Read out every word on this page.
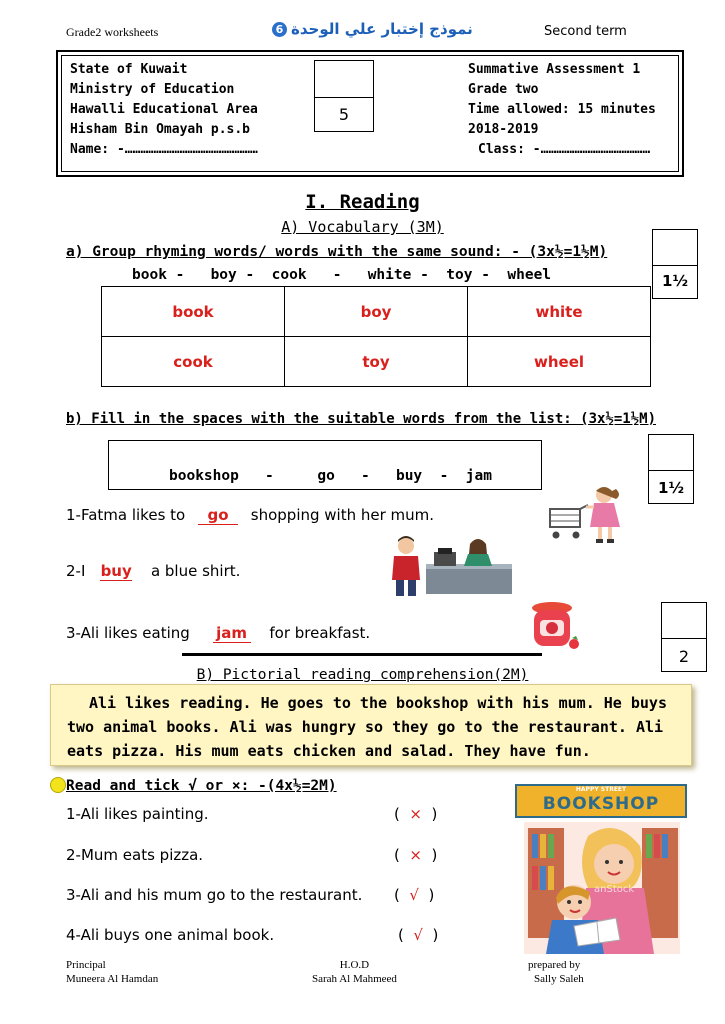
Grade2 worksheets	6 نموذج إختبار علي الوحدة	Second term
State of Kuwait
Ministry of Education
Hawalli Educational Area
Hisham Bin Omayah p.s.b
Name: -……………………………………………
5
Summative Assessment 1
Grade two
Time allowed: 15 minutes
2018-2019
Class: -……………………………………
I. Reading
A) Vocabulary (3M)
a) Group rhyming words/ words with the same sound: - (3x½=1½M)
1½
book -   boy -  cook   -   white -  toy -  wheel
book	boy	white
cook	toy	wheel
b) Fill in the spaces with the suitable words from the list: (3x½=1½M)
bookshop   -     go   -   buy  -  jam
1½
1-Fatma likes to go shopping with her mum.
2-I buy a blue shirt.
3-Ali likes eating jam for breakfast.
2
B) Pictorial reading comprehension(2M)

Ali likes reading. He goes to the bookshop with his mum. He buys two animal books. Ali was hungry so they go to the restaurant. Ali eats pizza. His mum eats chicken and salad. They have fun.

Read and tick √ or ×: -(4x½=2M)
1-Ali likes painting.	(  ×  )
2-Mum eats pizza.	(  ×  )
3-Ali and his mum go to the restaurant. (  √  )
4-Ali buys one animal book.	(  √  )
HAPPY STREET
BOOKSHOP
anStock
Principal
Muneera Al Hamdan
H.O.D
Sarah Al Mahmeed
prepared by
Sally Saleh
